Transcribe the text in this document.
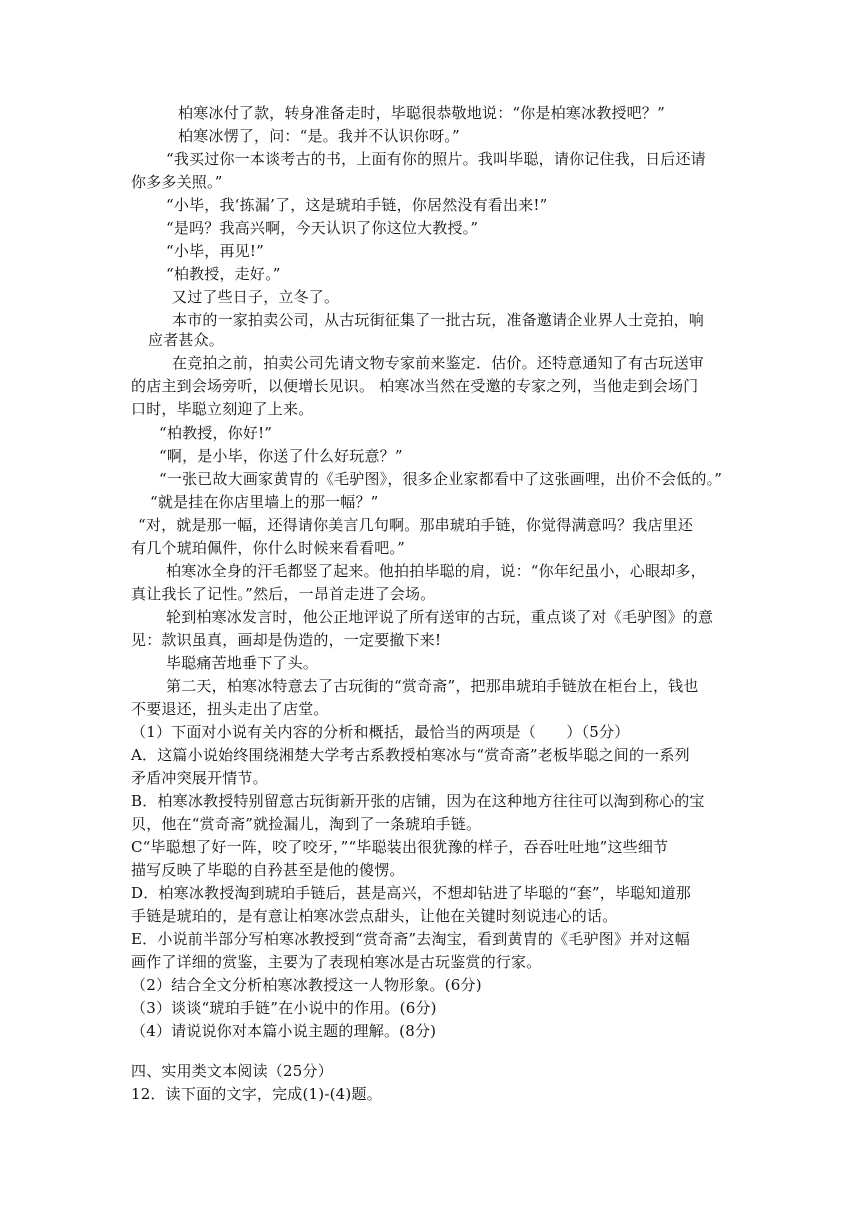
柏寒冰付了款，转身准备走时，毕聪很恭敬地说：“你是柏寒冰教授吧？”
柏寒冰愣了，问：“是。我并不认识你呀。”
“我买过你一本谈考古的书，上面有你的照片。我叫毕聪，请你记住我，日后还请
你多多关照。”
“小毕，我‘拣漏’了，这是琥珀手链，你居然没有看出来!”
“是吗？我高兴啊，今天认识了你这位大教授。”
“小毕，再见!”
“柏教授，走好。”
又过了些日子，立冬了。
本市的一家拍卖公司，从古玩街征集了一批古玩，准备邀请企业界人士竞拍，响
应者甚众。
在竞拍之前，拍卖公司先请文物专家前来鉴定．估价。还特意通知了有古玩送审
的店主到会场旁听，以便增长见识。 柏寒冰当然在受邀的专家之列，当他走到会场门
口时，毕聪立刻迎了上来。
“柏教授，你好!”
“啊，是小毕，你送了什么好玩意？”
“一张已故大画家黄胄的《毛驴图》，很多企业家都看中了这张画哩，出价不会低的。”
“就是挂在你店里墙上的那一幅？”
“对，就是那一幅，还得请你美言几句啊。那串琥珀手链，你觉得满意吗？我店里还
有几个琥珀佩件，你什么时候来看看吧。”
柏寒冰全身的汗毛都竖了起来。他拍拍毕聪的肩，说：“你年纪虽小，心眼却多，
真让我长了记性。”然后，一昂首走进了会场。
轮到柏寒冰发言时，他公正地评说了所有送审的古玩，重点谈了对《毛驴图》的意
见：款识虽真，画却是伪造的，一定要撤下来!
毕聪痛苦地垂下了头。
第二天，柏寒冰特意去了古玩街的“赏奇斋”，把那串琥珀手链放在柜台上，钱也
不要退还，扭头走出了店堂。
（1）下面对小说有关内容的分析和概括，最恰当的两项是（　　）（5分）
A．这篇小说始终围绕湘楚大学考古系教授柏寒冰与“赏奇斋”老板毕聪之间的一系列
矛盾冲突展开情节。
B．柏寒冰教授特别留意古玩街新开张的店铺，因为在这种地方往往可以淘到称心的宝
贝，他在“赏奇斋”就捡漏儿，淘到了一条琥珀手链。
C“毕聪想了好一阵，咬了咬牙，”“毕聪装出很犹豫的样子，吞吞吐吐地”这些细节
描写反映了毕聪的自矜甚至是他的傻愣。
D．柏寒冰教授淘到琥珀手链后，甚是高兴，不想却钻进了毕聪的“套”，毕聪知道那
手链是琥珀的，是有意让柏寒冰尝点甜头，让他在关键时刻说违心的话。
E．小说前半部分写柏寒冰教授到“赏奇斋”去淘宝，看到黄胄的《毛驴图》并对这幅
画作了详细的赏鉴，主要为了表现柏寒冰是古玩鉴赏的行家。
（2）结合全文分析柏寒冰教授这一人物形象。(6分)
（3）谈谈“琥珀手链”在小说中的作用。(6分)
（4）请说说你对本篇小说主题的理解。(8分)
四、实用类文本阅读（25分）
12．读下面的文字，完成(1)-(4)题。
